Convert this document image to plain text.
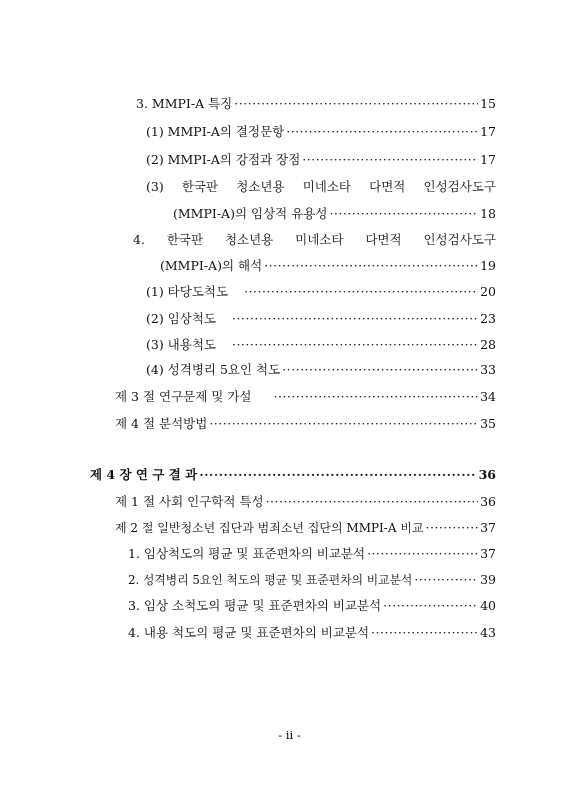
3. MMPI-A 특징 ·····	15
(1) MMPI-A의 결정문항 ·····	17
(2) MMPI-A의 강점과 장점 ·····	17
(3) 한국판 청소년용 미네소타 다면적 인성검사도구
(MMPI-A)의 임상적 유용성 ·····	18
4. 한국판 청소년용 미네소타 다면적 인성검사도구
(MMPI-A)의 해석 ·····	19
(1) 타당도척도 ·····	20
(2) 임상척도 ·····	23
(3) 내용척도 ·····	28
(4) 성격병리 5요인 척도 ·····	33
제 3 절 연구문제 및 가설 ·····	34
제 4 절 분석방법 ·····	35
제 4 장 연 구 결 과 ·····	36
제 1 절 사회 인구학적 특성 ·····	36
제 2 절 일반청소년 집단과 범죄소년 집단의 MMPI-A 비교 ·····	37
1. 임상척도의 평균 및 표준편차의 비교분석 ·····	37
2. 성격병리 5요인 척도의 평균 및 표준편차의 비교분석 ·····	39
3. 임상 소척도의 평균 및 표준편차의 비교분석 ·····	40
4. 내용 척도의 평균 및 표준편차의 비교분석 ·····	43
- ii -
